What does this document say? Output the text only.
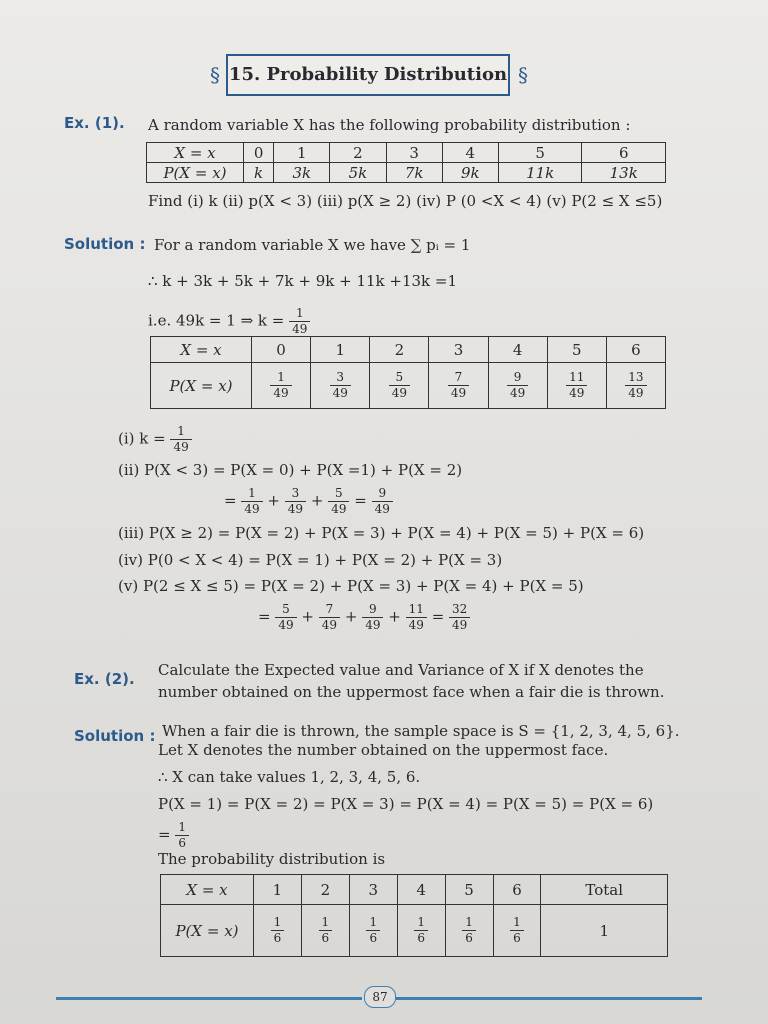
§ 15. Probability Distribution §
Ex. (1). A random variable X has the following probability distribution :
X = x	0	1	2	3	4	5	6
P(X = x)	k	3k	5k	7k	9k	11k	13k
Find (i) k (ii) p(X < 3) (iii) p(X ≥ 2) (iv) P (0 <X < 4) (v) P(2 ≤ X ≤5)
Solution : For a random variable X we have ∑ pᵢ = 1
∴ k + 3k + 5k + 7k + 9k + 11k +13k =1
i.e. 49k = 1 ⇒ $k = \frac{1}{49}$
X = x	0	1	2	3	4	5	6
P(X = x)	$\frac{1}{49}$	$\frac{3}{49}$	$\frac{5}{49}$	$\frac{7}{49}$	$\frac{9}{49}$	$\frac{11}{49}$	$\frac{13}{49}$
(i) $k = \frac{1}{49}$
(ii) P(X < 3) = P(X = 0) + P(X =1) + P(X = 2)
= $\frac{1}{49} + \frac{3}{49} + \frac{5}{49} = \frac{9}{49}$
(iii) P(X ≥ 2) = P(X = 2) + P(X = 3) + P(X = 4) + P(X = 5) + P(X = 6)
(iv) P(0 < X < 4) = P(X = 1) + P(X = 2) + P(X = 3)
(v) P(2 ≤ X ≤ 5) = P(X = 2) + P(X = 3) + P(X = 4) + P(X = 5)
= $\frac{5}{49} + \frac{7}{49} + \frac{9}{49} + \frac{11}{49} = \frac{32}{49}$
Ex. (2). Calculate the Expected value and Variance of X if X denotes the
number obtained on the uppermost face when a fair die is thrown.
Solution : When a fair die is thrown, the sample space is S = {1, 2, 3, 4, 5, 6}.
Let X denotes the number obtained on the uppermost face.
∴ X can take values 1, 2, 3, 4, 5, 6.
P(X = 1) = P(X = 2) = P(X = 3) = P(X = 4) = P(X = 5) = P(X = 6)
= $\frac{1}{6}$
The probability distribution is
X = x	1	2	3	4	5	6	Total
P(X = x)	$\frac{1}{6}$	$\frac{1}{6}$	$\frac{1}{6}$	$\frac{1}{6}$	$\frac{1}{6}$	$\frac{1}{6}$	1
87
